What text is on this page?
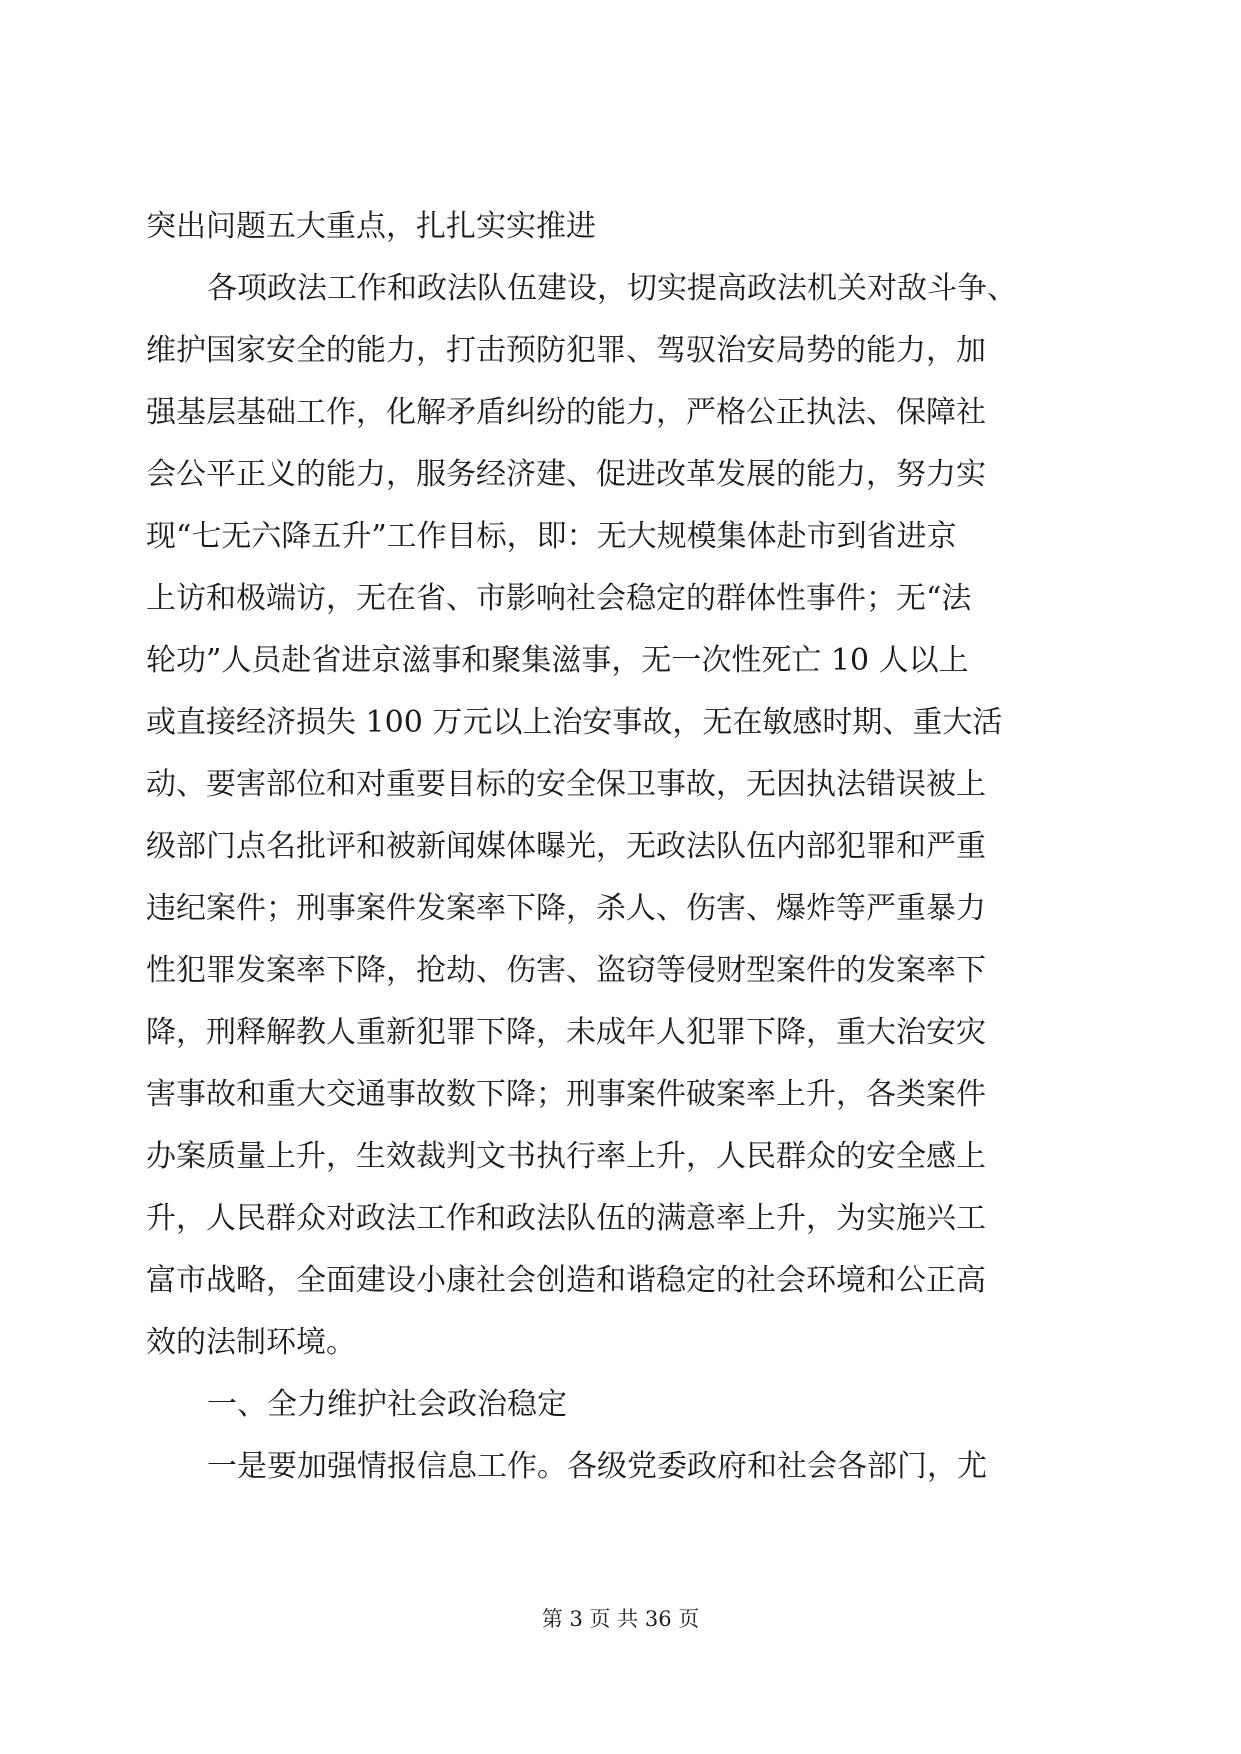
突出问题五大重点，扎扎实实推进

各项政法工作和政法队伍建设，切实提高政法机关对敌斗争、

维护国家安全的能力，打击预防犯罪、驾驭治安局势的能力，加

强基层基础工作，化解矛盾纠纷的能力，严格公正执法、保障社

会公平正义的能力，服务经济建、促进改革发展的能力，努力实

现“七无六降五升”工作目标，即：无大规模集体赴市到省进京

上访和极端访，无在省、市影响社会稳定的群体性事件；无“法

轮功”人员赴省进京滋事和聚集滋事，无一次性死亡 10 人以上

或直接经济损失 100 万元以上治安事故，无在敏感时期、重大活

动、要害部位和对重要目标的安全保卫事故，无因执法错误被上

级部门点名批评和被新闻媒体曝光，无政法队伍内部犯罪和严重

违纪案件；刑事案件发案率下降，杀人、伤害、爆炸等严重暴力

性犯罪发案率下降，抢劫、伤害、盗窃等侵财型案件的发案率下

降，刑释解教人重新犯罪下降，未成年人犯罪下降，重大治安灾

害事故和重大交通事故数下降；刑事案件破案率上升，各类案件

办案质量上升，生效裁判文书执行率上升，人民群众的安全感上

升，人民群众对政法工作和政法队伍的满意率上升，为实施兴工

富市战略，全面建设小康社会创造和谐稳定的社会环境和公正高

效的法制环境。

一、全力维护社会政治稳定

一是要加强情报信息工作。各级党委政府和社会各部门，尤

第 3 页 共 36 页
